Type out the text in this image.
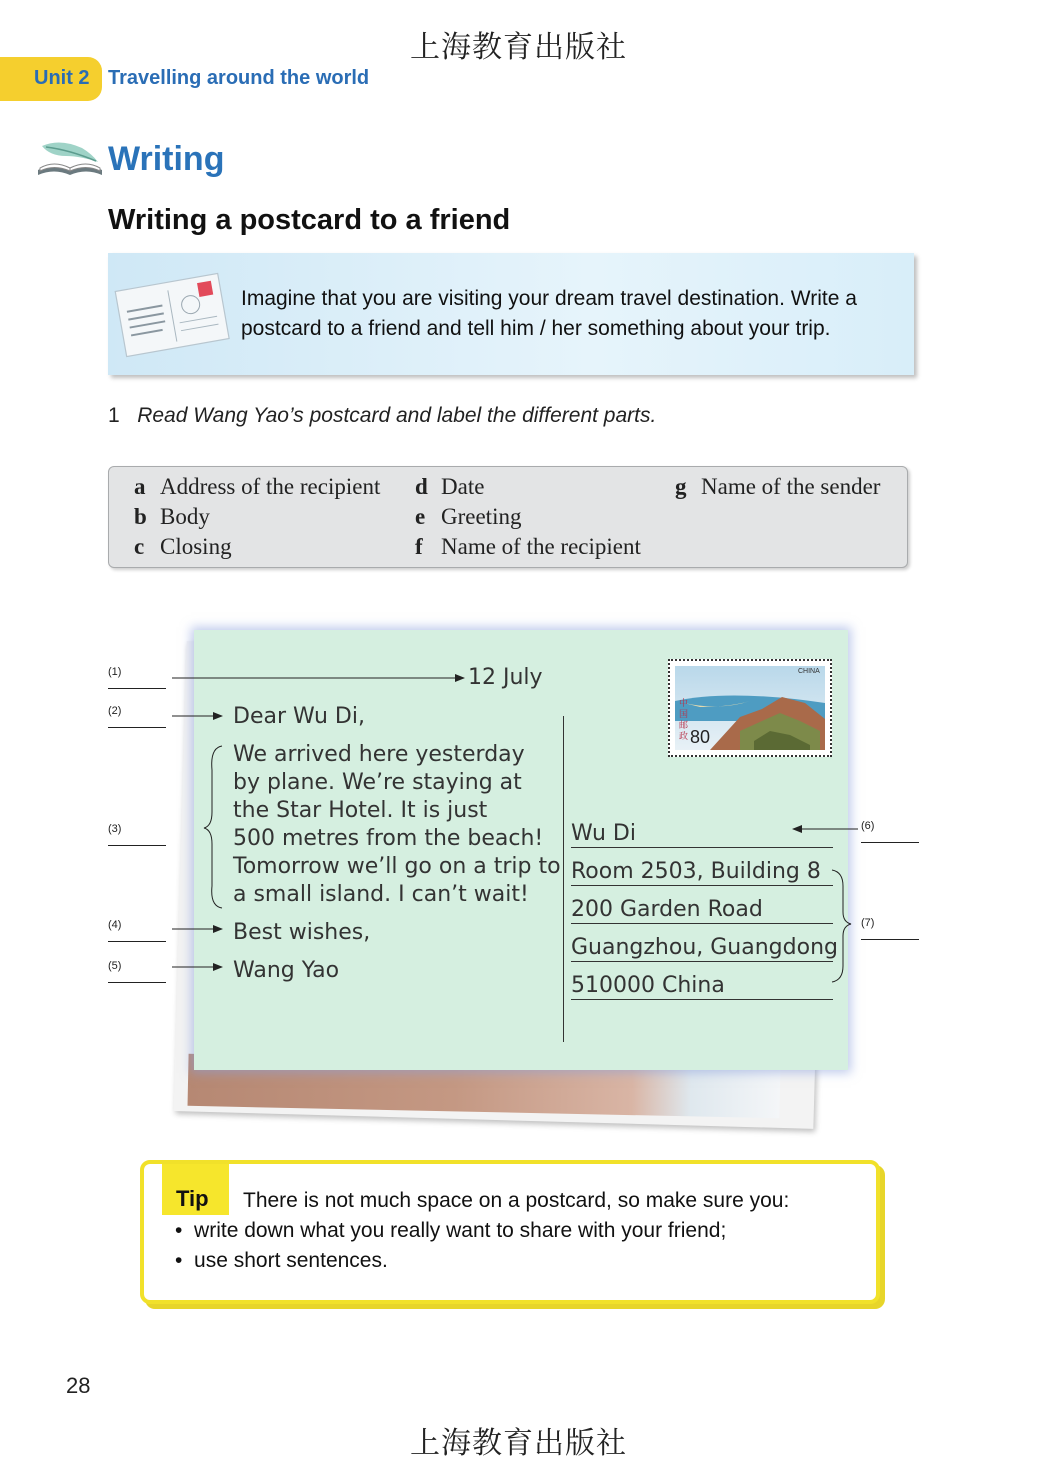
上海教育出版社
Unit 2 Travelling around the world
Writing
Writing a postcard to a friend
Imagine that you are visiting your dream travel destination. Write a postcard to a friend and tell him / her something about your trip.
1 Read Wang Yao’s postcard and label the different parts.
a Address of the recipient
b Body
c Closing
d Date
e Greeting
f Name of the recipient
g Name of the sender
CHINA
中国邮政 80
12 July
Dear Wu Di,
We arrived here yesterday
by plane. We’re staying at
the Star Hotel. It is just
500 metres from the beach!
Tomorrow we’ll go on a trip to
a small island. I can’t wait!
Best wishes,
Wang Yao
Wu Di
Room 2503, Building 8
200 Garden Road
Guangzhou, Guangdong
510000 China
(1)
(2)
(3)
(4)
(5)
(6)
(7)
Tip There is not much space on a postcard, so make sure you:
•  write down what you really want to share with your friend;
•  use short sentences.
28
上海教育出版社
